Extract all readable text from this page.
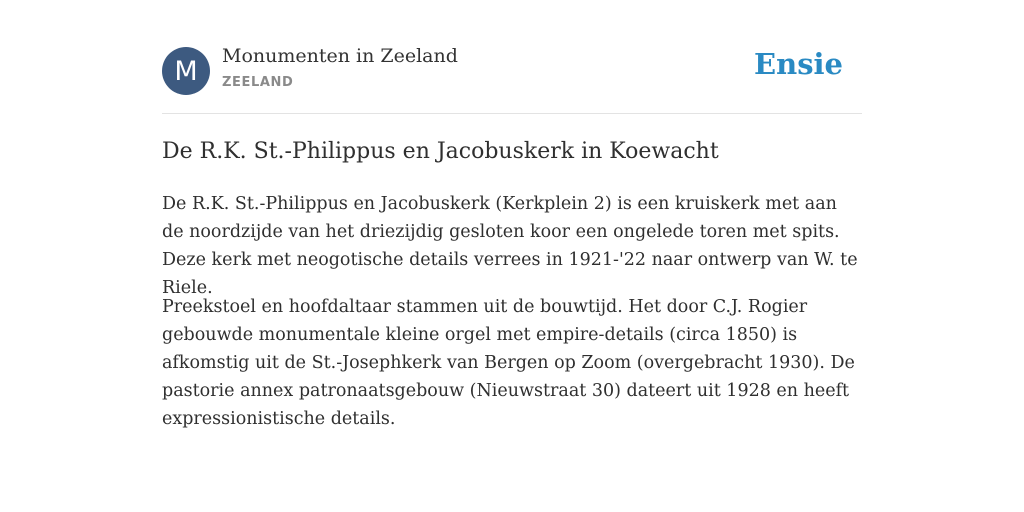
M	Monumenten in Zeeland
ZEELAND
Ensie
De R.K. St.-Philippus en Jacobuskerk in Koewacht

De R.K. St.-Philippus en Jacobuskerk (Kerkplein 2) is een kruiskerk met aan de noordzijde van het driezijdig gesloten koor een ongelede toren met spits. Deze kerk met neogotische details verrees in 1921-'22 naar ontwerp van W. te Riele.

Preekstoel en hoofdaltaar stammen uit de bouwtijd. Het door C.J. Rogier gebouwde monumentale kleine orgel met empire-details (circa 1850) is afkomstig uit de St.-Josephkerk van Bergen op Zoom (overgebracht 1930). De pastorie annex patronaatsgebouw (Nieuwstraat 30) dateert uit 1928 en heeft expressionistische details.
